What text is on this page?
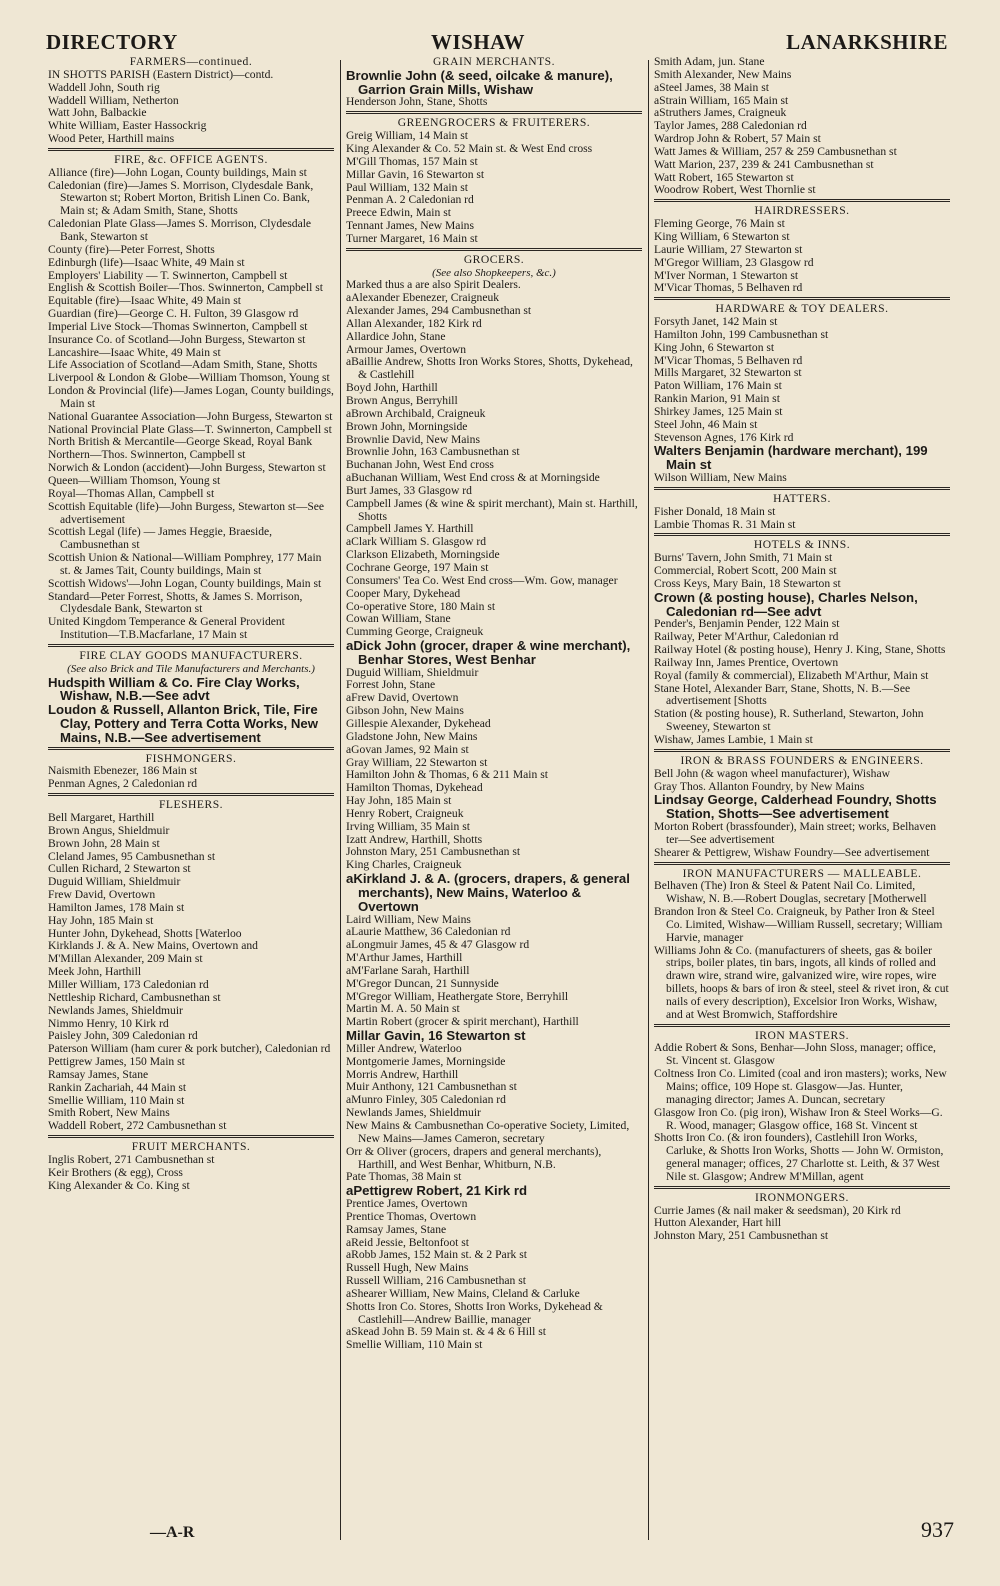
DIRECTORY	WISHAW	LANARKSHIRE
FARMERS—continued.
IN SHOTTS PARISH (Eastern District)—contd.
Waddell John, South rig
Waddell William, Netherton
Watt John, Balbackie
White William, Easter Hassockrig
Wood Peter, Harthill mains
FIRE, &c. OFFICE AGENTS.
Alliance (fire)—John Logan, County buildings, Main st
Caledonian (fire)—James S. Morrison, Clydesdale Bank, Stewarton st; Robert Morton, British Linen Co. Bank, Main st; & Adam Smith, Stane, Shotts
Caledonian Plate Glass—James S. Morrison, Clydesdale Bank, Stewarton st
County (fire)—Peter Forrest, Shotts
Edinburgh (life)—Isaac White, 49 Main st
Employers' Liability — T. Swinnerton, Campbell st
English & Scottish Boiler—Thos. Swinnerton, Campbell st
Equitable (fire)—Isaac White, 49 Main st
Guardian (fire)—George C. H. Fulton, 39 Glasgow rd
Imperial Live Stock—Thomas Swinnerton, Campbell st
Insurance Co. of Scotland—John Burgess, Stewarton st
Lancashire—Isaac White, 49 Main st
Life Association of Scotland—Adam Smith, Stane, Shotts
Liverpool & London & Globe—William Thomson, Young st
London & Provincial (life)—James Logan, County buildings, Main st
National Guarantee Association—John Burgess, Stewarton st
National Provincial Plate Glass—T. Swinnerton, Campbell st
North British & Mercantile—George Skead, Royal Bank
Northern—Thos. Swinnerton, Campbell st
Norwich & London (accident)—John Burgess, Stewarton st
Queen—William Thomson, Young st
Royal—Thomas Allan, Campbell st
Scottish Equitable (life)—John Burgess, Stewarton st—See advertisement
Scottish Legal (life) — James Heggie, Braeside, Cambusnethan st
Scottish Union & National—William Pomphrey, 177 Main st. & James Tait, County buildings, Main st
Scottish Widows'—John Logan, County buildings, Main st
Standard—Peter Forrest, Shotts, & James S. Morrison, Clydesdale Bank, Stewarton st
United Kingdom Temperance & General Provident Institution—T.B.Macfarlane, 17 Main st
FIRE CLAY GOODS MANUFACTURERS.
(See also Brick and Tile Manufacturers and Merchants.)
Hudspith William & Co. Fire Clay Works, Wishaw, N.B.—See advt
Loudon & Russell, Allanton Brick, Tile, Fire Clay, Pottery and Terra Cotta Works, New Mains, N.B.—See advertisement
FISHMONGERS.
Naismith Ebenezer, 186 Main st
Penman Agnes, 2 Caledonian rd
FLESHERS.
Bell Margaret, Harthill
Brown Angus, Shieldmuir
Brown John, 28 Main st
Cleland James, 95 Cambusnethan st
Cullen Richard, 2 Stewarton st
Duguid William, Shieldmuir
Frew David, Overtown
Hamilton James, 178 Main st
Hay John, 185 Main st
Hunter John, Dykehead, Shotts [Waterloo
Kirklands J. & A. New Mains, Overtown and
M'Millan Alexander, 209 Main st
Meek John, Harthill
Miller William, 173 Caledonian rd
Nettleship Richard, Cambusnethan st
Newlands James, Shieldmuir
Nimmo Henry, 10 Kirk rd
Paisley John, 309 Caledonian rd
Paterson William (ham curer & pork butcher), Caledonian rd
Pettigrew James, 150 Main st
Ramsay James, Stane
Rankin Zachariah, 44 Main st
Smellie William, 110 Main st
Smith Robert, New Mains
Waddell Robert, 272 Cambusnethan st
FRUIT MERCHANTS.
Inglis Robert, 271 Cambusnethan st
Keir Brothers (& egg), Cross
King Alexander & Co. King st
GRAIN MERCHANTS.
Brownlie John (& seed, oilcake & manure), Garrion Grain Mills, Wishaw
Henderson John, Stane, Shotts
GREENGROCERS & FRUITERERS.
Greig William, 14 Main st
King Alexander & Co. 52 Main st. & West End cross
M'Gill Thomas, 157 Main st
Millar Gavin, 16 Stewarton st
Paul William, 132 Main st
Penman A. 2 Caledonian rd
Preece Edwin, Main st
Tennant James, New Mains
Turner Margaret, 16 Main st
GROCERS.
(See also Shopkeepers, &c.)
Marked thus a are also Spirit Dealers.
aAlexander Ebenezer, Craigneuk
Alexander James, 294 Cambusnethan st
Allan Alexander, 182 Kirk rd
Allardice John, Stane
Armour James, Overtown
aBaillie Andrew, Shotts Iron Works Stores, Shotts, Dykehead, & Castlehill
Boyd John, Harthill
Brown Angus, Berryhill
aBrown Archibald, Craigneuk
Brown John, Morningside
Brownlie David, New Mains
Brownlie John, 163 Cambusnethan st
Buchanan John, West End cross
aBuchanan William, West End cross & at Morningside
Burt James, 33 Glasgow rd
Campbell James (& wine & spirit merchant), Main st. Harthill, Shotts
Campbell James Y. Harthill
aClark William S. Glasgow rd
Clarkson Elizabeth, Morningside
Cochrane George, 197 Main st
Consumers' Tea Co. West End cross—Wm. Gow, manager
Cooper Mary, Dykehead
Co-operative Store, 180 Main st
Cowan William, Stane
Cumming George, Craigneuk
aDick John (grocer, draper & wine merchant), Benhar Stores, West Benhar
Duguid William, Shieldmuir
Forrest John, Stane
aFrew David, Overtown
Gibson John, New Mains
Gillespie Alexander, Dykehead
Gladstone John, New Mains
aGovan James, 92 Main st
Gray William, 22 Stewarton st
Hamilton John & Thomas, 6 & 211 Main st
Hamilton Thomas, Dykehead
Hay John, 185 Main st
Henry Robert, Craigneuk
Irving William, 35 Main st
Izatt Andrew, Harthill, Shotts
Johnston Mary, 251 Cambusnethan st
King Charles, Craigneuk
aKirkland J. & A. (grocers, drapers, & general merchants), New Mains, Waterloo & Overtown
Laird William, New Mains
aLaurie Matthew, 36 Caledonian rd
aLongmuir James, 45 & 47 Glasgow rd
M'Arthur James, Harthill
aM'Farlane Sarah, Harthill
M'Gregor Duncan, 21 Sunnyside
M'Gregor William, Heathergate Store, Berryhill
Martin M. A. 50 Main st
Martin Robert (grocer & spirit merchant), Harthill
Millar Gavin, 16 Stewarton st
Miller Andrew, Waterloo
Montgomerie James, Morningside
Morris Andrew, Harthill
Muir Anthony, 121 Cambusnethan st
aMunro Finley, 305 Caledonian rd
Newlands James, Shieldmuir
New Mains & Cambusnethan Co-operative Society, Limited, New Mains—James Cameron, secretary
Orr & Oliver (grocers, drapers and general merchants), Harthill, and West Benhar, Whitburn, N.B.
Pate Thomas, 38 Main st
aPettigrew Robert, 21 Kirk rd
Prentice James, Overtown
Prentice Thomas, Overtown
Ramsay James, Stane
aReid Jessie, Beltonfoot st
aRobb James, 152 Main st. & 2 Park st
Russell Hugh, New Mains
Russell William, 216 Cambusnethan st
aShearer William, New Mains, Cleland & Carluke
Shotts Iron Co. Stores, Shotts Iron Works, Dykehead & Castlehill—Andrew Baillie, manager
aSkead John B. 59 Main st. & 4 & 6 Hill st
Smellie William, 110 Main st
Smith Adam, jun. Stane
Smith Alexander, New Mains
aSteel James, 38 Main st
aStrain William, 165 Main st
aStruthers James, Craigneuk
Taylor James, 288 Caledonian rd
Wardrop John & Robert, 57 Main st
Watt James & William, 257 & 259 Cambusnethan st
Watt Marion, 237, 239 & 241 Cambusnethan st
Watt Robert, 165 Stewarton st
Woodrow Robert, West Thornlie st
HAIRDRESSERS.
Fleming George, 76 Main st
King William, 6 Stewarton st
Laurie William, 27 Stewarton st
M'Gregor William, 23 Glasgow rd
M'Iver Norman, 1 Stewarton st
M'Vicar Thomas, 5 Belhaven rd
HARDWARE & TOY DEALERS.
Forsyth Janet, 142 Main st
Hamilton John, 199 Cambusnethan st
King John, 6 Stewarton st
M'Vicar Thomas, 5 Belhaven rd
Mills Margaret, 32 Stewarton st
Paton William, 176 Main st
Rankin Marion, 91 Main st
Shirkey James, 125 Main st
Steel John, 46 Main st
Stevenson Agnes, 176 Kirk rd
Walters Benjamin (hardware merchant), 199 Main st
Wilson William, New Mains
HATTERS.
Fisher Donald, 18 Main st
Lambie Thomas R. 31 Main st
HOTELS & INNS.
Burns' Tavern, John Smith, 71 Main st
Commercial, Robert Scott, 200 Main st
Cross Keys, Mary Bain, 18 Stewarton st
Crown (& posting house), Charles Nelson, Caledonian rd—See advt
Pender's, Benjamin Pender, 122 Main st
Railway, Peter M'Arthur, Caledonian rd
Railway Hotel (& posting house), Henry J. King, Stane, Shotts
Railway Inn, James Prentice, Overtown
Royal (family & commercial), Elizabeth M'Arthur, Main st
Stane Hotel, Alexander Barr, Stane, Shotts, N. B.—See advertisement [Shotts
Station (& posting house), R. Sutherland, Stewarton, John Sweeney, Stewarton st
Wishaw, James Lambie, 1 Main st
IRON & BRASS FOUNDERS & ENGINEERS.
Bell John (& wagon wheel manufacturer), Wishaw
Gray Thos. Allanton Foundry, by New Mains
Lindsay George, Calderhead Foundry, Shotts Station, Shotts—See advertisement
Morton Robert (brassfounder), Main street; works, Belhaven ter—See advertisement
Shearer & Pettigrew, Wishaw Foundry—See advertisement
IRON MANUFACTURERS — MALLEABLE.
Belhaven (The) Iron & Steel & Patent Nail Co. Limited, Wishaw, N. B.—Robert Douglas, secretary [Motherwell
Brandon Iron & Steel Co. Craigneuk, by Pather Iron & Steel Co. Limited, Wishaw—William Russell, secretary; William Harvie, manager
Williams John & Co. (manufacturers of sheets, gas & boiler strips, boiler plates, tin bars, ingots, all kinds of rolled and drawn wire, strand wire, galvanized wire, wire ropes, wire billets, hoops & bars of iron & steel, steel & rivet iron, & cut nails of every description), Excelsior Iron Works, Wishaw, and at West Bromwich, Staffordshire
IRON MASTERS.
Addie Robert & Sons, Benhar—John Sloss, manager; office, St. Vincent st. Glasgow
Coltness Iron Co. Limited (coal and iron masters); works, New Mains; office, 109 Hope st. Glasgow—Jas. Hunter, managing director; James A. Duncan, secretary
Glasgow Iron Co. (pig iron), Wishaw Iron & Steel Works—G. R. Wood, manager; Glasgow office, 168 St. Vincent st
Shotts Iron Co. (& iron founders), Castlehill Iron Works, Carluke, & Shotts Iron Works, Shotts — John W. Ormiston, general manager; offices, 27 Charlotte st. Leith, & 37 West Nile st. Glasgow; Andrew M'Millan, agent
IRONMONGERS.
Currie James (& nail maker & seedsman), 20 Kirk rd
Hutton Alexander, Hart hill
Johnston Mary, 251 Cambusnethan st
—A-R	937
